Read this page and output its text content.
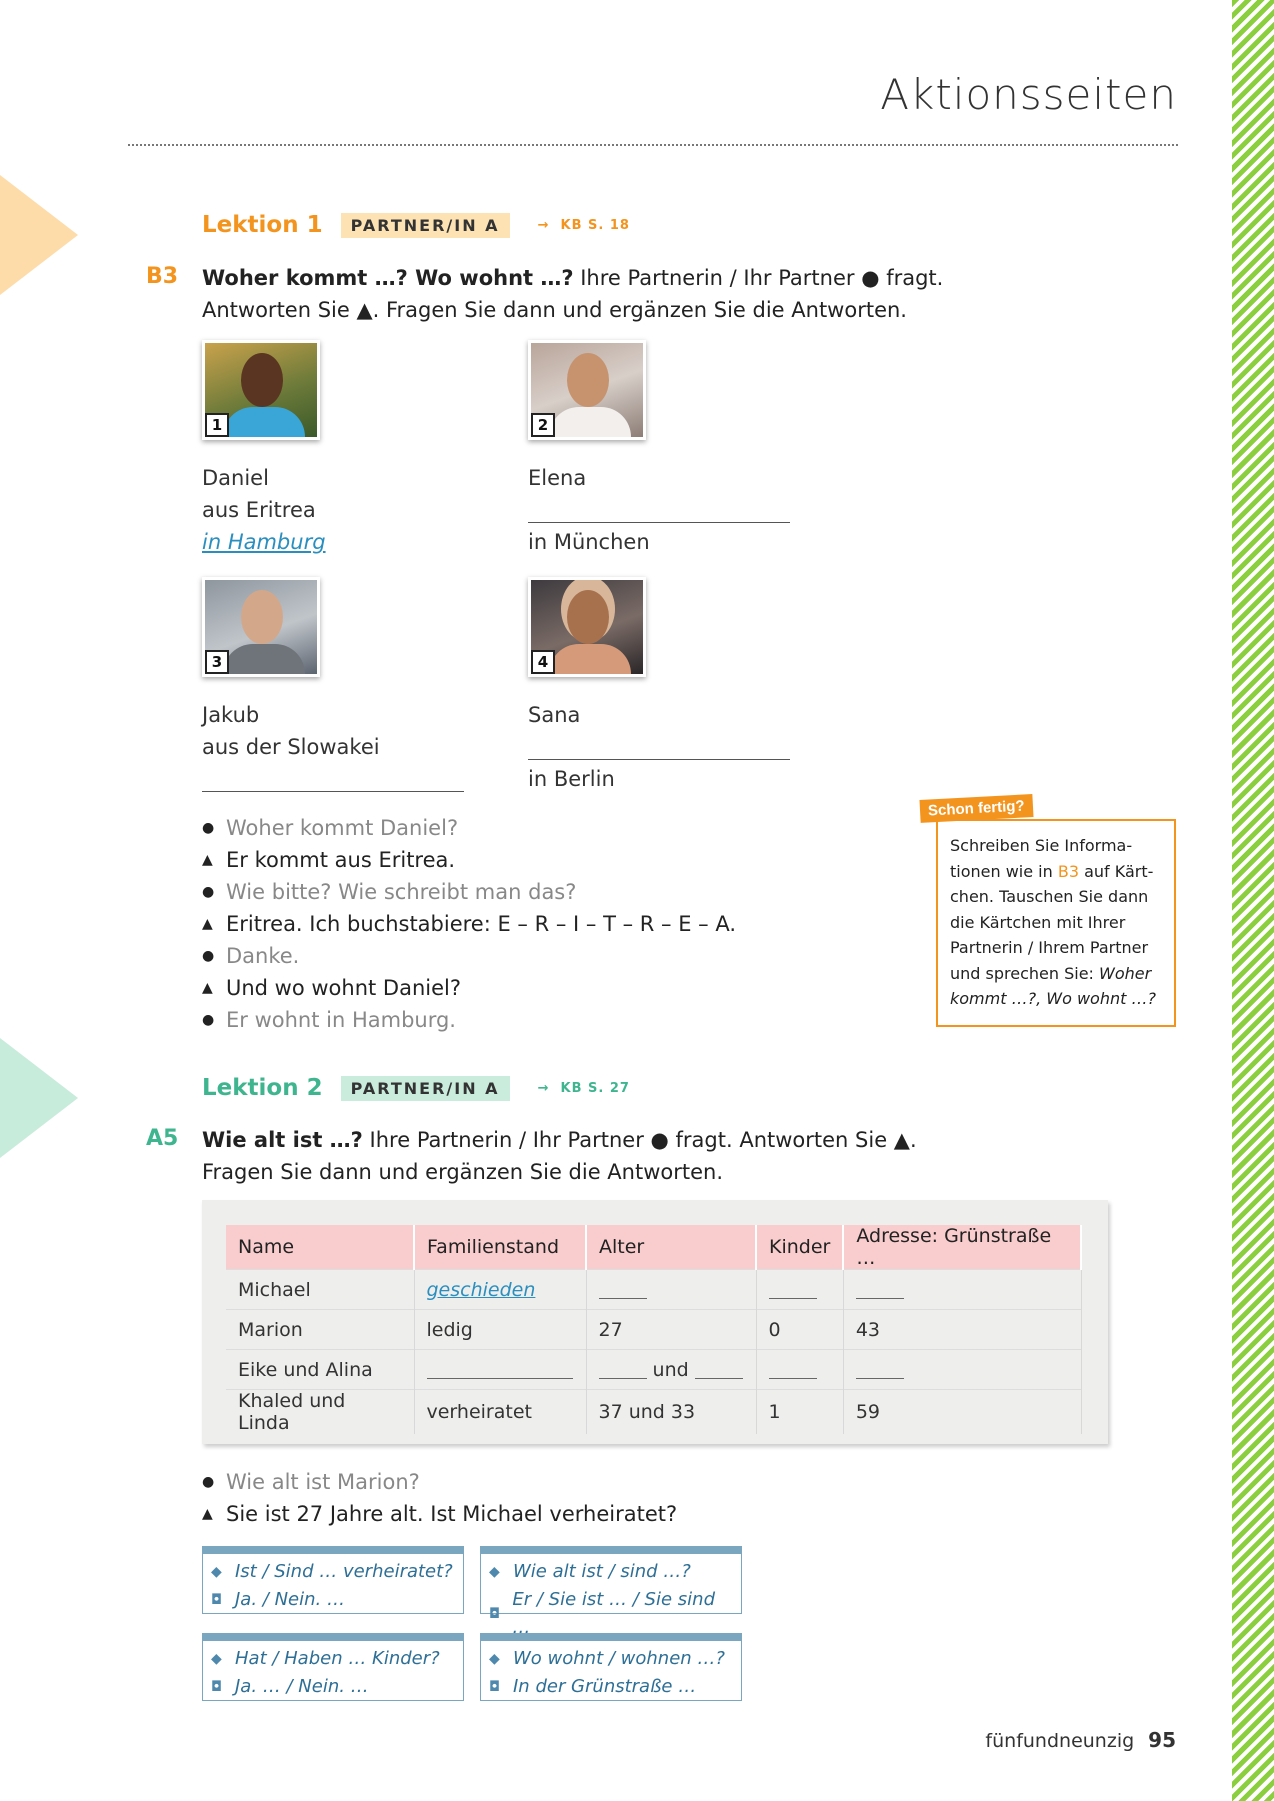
Aktionsseiten
Lektion 1	PARTNER/IN A	→ KB S. 18
B3 Woher kommt …? Wo wohnt …? Ihre Partnerin / Ihr Partner ● fragt.
Antworten Sie ▲. Fragen Sie dann und ergänzen Sie die Antworten.
1	2
3	4
Daniel
aus Eritrea
in Hamburg
Elena
in München
Jakub
aus der Slowakei
Sana
in Berlin
● Woher kommt Daniel?
▲ Er kommt aus Eritrea.
● Wie bitte? Wie schreibt man das?
▲ Eritrea. Ich buchstabiere: E – R – I – T – R – E – A.
● Danke.
▲ Und wo wohnt Daniel?
● Er wohnt in Hamburg.
Schon fertig?
Schreiben Sie Informa-
tionen wie in B3 auf Kärt-
chen. Tauschen Sie dann
die Kärtchen mit Ihrer
Partnerin / Ihrem Partner
und sprechen Sie: Woher
kommt …?, Wo wohnt …?
Lektion 2	PARTNER/IN A	→ KB S. 27
A5 Wie alt ist …? Ihre Partnerin / Ihr Partner ● fragt. Antworten Sie ▲.
Fragen Sie dann und ergänzen Sie die Antworten.
Name	Familienstand	Alter	Kinder	Adresse: Grünstraße …
Michael	geschieden			
Marion	ledig	27	0	43
Eike und Alina		und		
Khaled und Linda	verheiratet	37 und 33	1	59
● Wie alt ist Marion?
▲ Sie ist 27 Jahre alt. Ist Michael verheiratet?
◆ Ist / Sind … verheiratet?
◘ Ja. / Nein. …
◆ Wie alt ist / sind …?
◘
Er / Sie ist … / Sie sind …
◆ Hat / Haben … Kinder?
◘ Ja. … / Nein. …
◆ Wo wohnt / wohnen …?
◘ In der Grünstraße …
fünfundneunzig 95
